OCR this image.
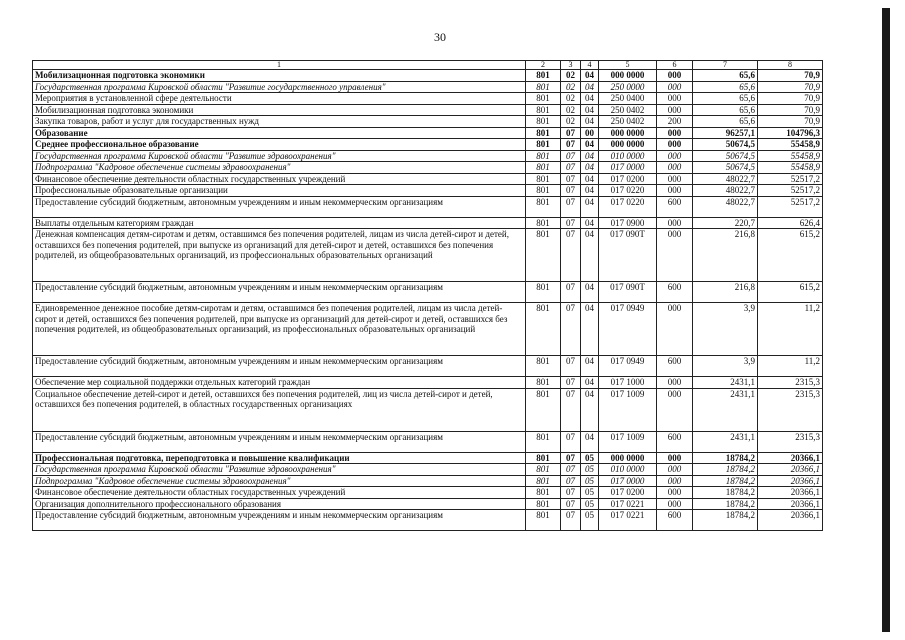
30
1	2	3	4	5	6	7	8
Мобилизационная подготовка экономики	801	02	04	000 0000	000	65,6	70,9
Государственная программа Кировской области "Развитие государственного управления"	801	02	04	250 0000	000	65,6	70,9
Мероприятия в установленной сфере деятельности	801	02	04	250 0400	000	65,6	70,9
Мобилизационная подготовка экономики	801	02	04	250 0402	000	65,6	70,9
Закупка товаров, работ и услуг для государственных нужд	801	02	04	250 0402	200	65,6	70,9
Образование	801	07	00	000 0000	000	96257,1	104796,3
Среднее профессиональное образование	801	07	04	000 0000	000	50674,5	55458,9
Государственная программа Кировской области "Развитие здравоохранения"	801	07	04	010 0000	000	50674,5	55458,9
Подпрограмма "Кадровое обеспечение системы здравоохранения"	801	07	04	017 0000	000	50674,5	55458,9
Финансовое обеспечение деятельности областных государственных учреждений	801	07	04	017 0200	000	48022,7	52517,2
Профессиональные образовательные организации	801	07	04	017 0220	000	48022,7	52517,2
Предоставление субсидий бюджетным, автономным учреждениям и иным некоммерческим организациям	801	07	04	017 0220	600	48022,7	52517,2
Выплаты отдельным категориям граждан	801	07	04	017 0900	000	220,7	626,4
Денежная компенсация детям-сиротам и детям, оставшимся без попечения родителей, лицам из числа детей-сирот и детей, оставшихся без попечения родителей, при выпуске из организаций для детей-сирот и детей, оставшихся без попечения родителей, из общеобразовательных организаций, из профессиональных образовательных организаций	801	07	04	017 090Т	000	216,8	615,2
Предоставление субсидий бюджетным, автономным учреждениям и иным некоммерческим организациям	801	07	04	017 090Т	600	216,8	615,2
Единовременное денежное пособие детям-сиротам и детям, оставшимся без попечения родителей, лицам из числа детей-сирот и детей, оставшихся без попечения родителей, при выпуске из организаций для детей-сирот и детей, оставшихся без попечения родителей, из общеобразовательных организаций, из профессиональных образовательных организаций	801	07	04	017 0949	000	3,9	11,2
Предоставление субсидий бюджетным, автономным учреждениям и иным некоммерческим организациям	801	07	04	017 0949	600	3,9	11,2
Обеспечение мер социальной поддержки отдельных категорий граждан	801	07	04	017 1000	000	2431,1	2315,3
Социальное обеспечение детей-сирот и детей, оставшихся без попечения родителей, лиц из числа детей-сирот и детей, оставшихся без попечения родителей, в областных государственных организациях	801	07	04	017 1009	000	2431,1	2315,3
Предоставление субсидий бюджетным, автономным учреждениям и иным некоммерческим организациям	801	07	04	017 1009	600	2431,1	2315,3
Профессиональная подготовка, переподготовка и повышение квалификации	801	07	05	000 0000	000	18784,2	20366,1
Государственная программа Кировской области "Развитие здравоохранения"	801	07	05	010 0000	000	18784,2	20366,1
Подпрограмма "Кадровое обеспечение системы здравоохранения"	801	07	05	017 0000	000	18784,2	20366,1
Финансовое обеспечение деятельности областных государственных учреждений	801	07	05	017 0200	000	18784,2	20366,1
Организация дополнительного профессионального образования	801	07	05	017 0221	000	18784,2	20366,1
Предоставление субсидий бюджетным, автономным учреждениям и иным некоммерческим организациям	801	07	05	017 0221	600	18784,2	20366,1
